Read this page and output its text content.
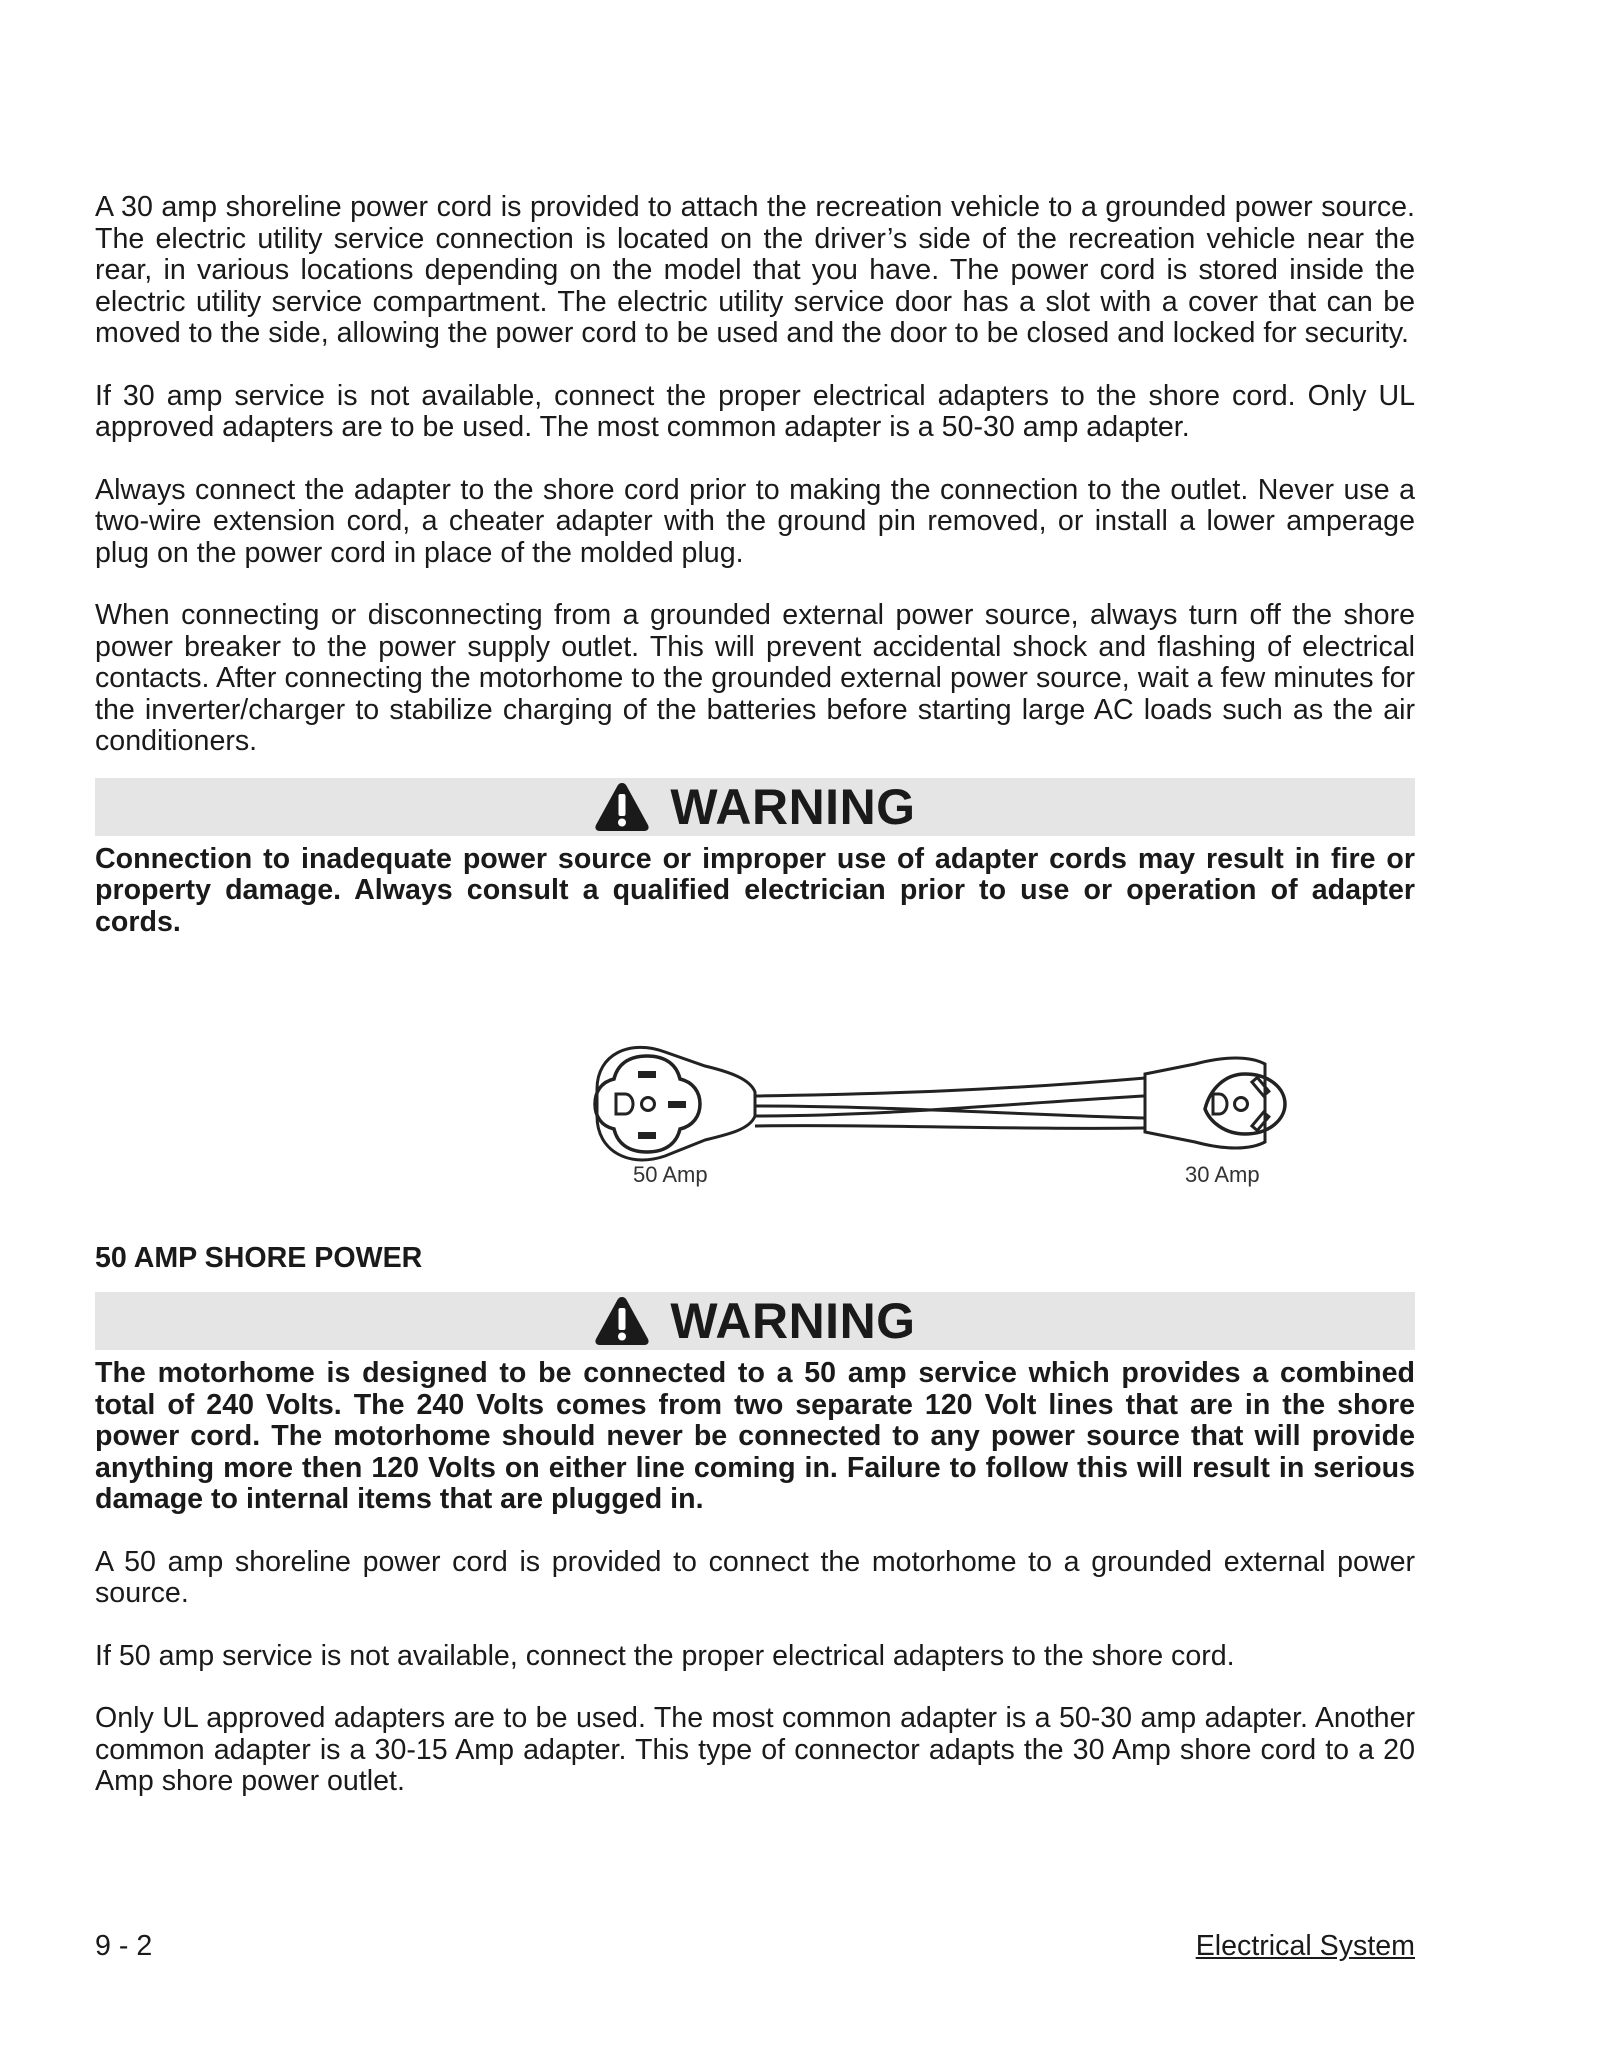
A 30 amp shoreline power cord is provided to attach the recreation vehicle to a grounded power source. The electric utility service connection is located on the driver’s side of the recreation vehicle near the rear, in various locations depending on the model that you have. The power cord is stored inside the electric utility service compartment. The electric utility service door has a slot with a cover that can be moved to the side, allowing the power cord to be used and the door to be closed and locked for security.

If 30 amp service is not available, connect the proper electrical adapters to the shore cord. Only UL approved adapters are to be used. The most common adapter is a 50-30 amp adapter.

Always connect the adapter to the shore cord prior to making the connection to the outlet. Never use a two-wire extension cord, a cheater adapter with the ground pin removed, or install a lower amperage plug on the power cord in place of the molded plug.

When connecting or disconnecting from a grounded external power source, always turn off the shore power breaker to the power supply outlet. This will prevent accidental shock and flashing of electrical contacts. After connecting the motorhome to the grounded external power source, wait a few minutes for the inverter/charger to stabilize charging of the batteries before starting large AC loads such as the air conditioners.

WARNING

Connection to inadequate power source or improper use of adapter cords may result in fire or property damage. Always consult a qualified electrician prior to use or operation of adapter cords.

50 Amp	30 Amp
50 AMP SHORE POWER
WARNING

The motorhome is designed to be connected to a 50 amp service which provides a combined total of 240 Volts. The 240 Volts comes from two separate 120 Volt lines that are in the shore power cord. The motorhome should never be connected to any power source that will provide anything more then 120 Volts on either line coming in. Failure to follow this will result in serious damage to internal items that are plugged in.

A 50 amp shoreline power cord is provided to connect the motorhome to a grounded external power source.

If 50 amp service is not available, connect the proper electrical adapters to the shore cord.

Only UL approved adapters are to be used. The most common adapter is a 50-30 amp adapter. Another common adapter is a 30-15 Amp adapter. This type of connector adapts the 30 Amp shore cord to a 20 Amp shore power outlet.

9 - 2	Electrical System
